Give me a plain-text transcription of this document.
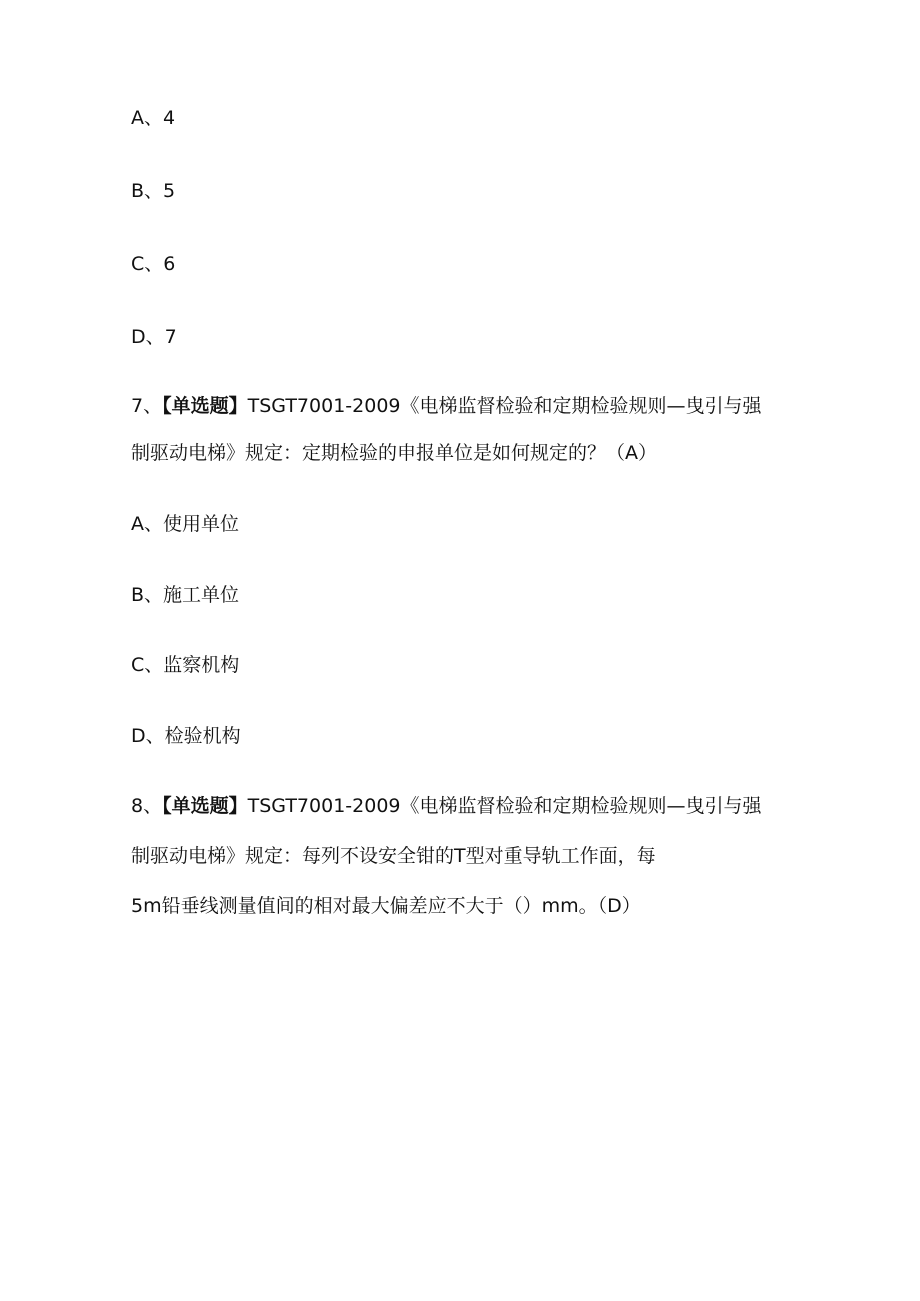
A、4
B、5
C、6
D、7
7、【单选题】TSGT7001-2009《电梯监督检验和定期检验规则—曳引与强
制驱动电梯》规定：定期检验的申报单位是如何规定的？（A）
A、使用单位
B、施工单位
C、监察机构
D、检验机构
8、【单选题】TSGT7001-2009《电梯监督检验和定期检验规则—曳引与强
制驱动电梯》规定：每列不设安全钳的T型对重导轨工作面，每
5m铅垂线测量值间的相对最大偏差应不大于（）mm。（D）
